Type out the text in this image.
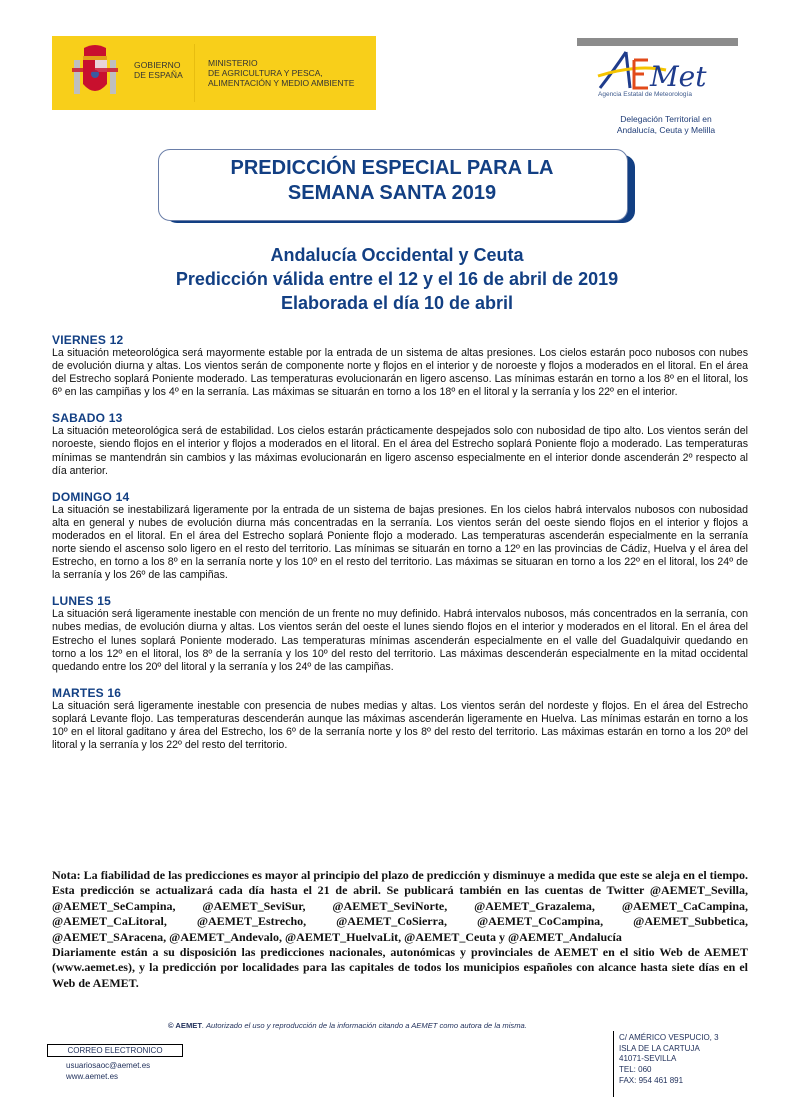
GOBIERNO
DE ESPAÑA
MINISTERIO
DE AGRICULTURA Y PESCA,
ALIMENTACIÓN Y MEDIO AMBIENTE	Met
Agencia Estatal de Meteorología
Delegación Territorial en
Andalucía, Ceuta y Melilla
PREDICCIÓN ESPECIAL PARA LA
SEMANA SANTA 2019
Andalucía Occidental y Ceuta
Predicción válida entre el 12 y el 16 de abril de 2019
Elaborada el día 10 de abril
VIERNES 12
La situación meteorológica será mayormente estable por la entrada de un sistema de altas presiones. Los cielos estarán poco nubosos con nubes de evolución diurna y altas. Los vientos serán de componente norte y flojos en el interior y de noroeste y flojos a moderados en el litoral. En el área del Estrecho soplará Poniente moderado. Las temperaturas evolucionarán en ligero ascenso. Las mínimas estarán en torno a los 8º en el litoral, los 6º en las campiñas y los 4º en la serranía. Las máximas se situarán en torno a los 18º en el litoral y la serranía y los 22º en el interior.
SABADO 13
La situación meteorológica será de estabilidad. Los cielos estarán prácticamente despejados solo con nubosidad de tipo alto. Los vientos serán del noroeste, siendo flojos en el interior y flojos a moderados en el litoral. En el área del Estrecho soplará Poniente flojo a moderado. Las temperaturas mínimas se mantendrán sin cambios y las máximas evolucionarán en ligero ascenso especialmente en el interior donde ascenderán 2º respecto al día anterior.
DOMINGO 14
La situación se inestabilizará ligeramente por la entrada de un sistema de bajas presiones. En los cielos habrá intervalos nubosos con nubosidad alta en general y nubes de evolución diurna más concentradas en la serranía. Los vientos serán del oeste siendo flojos en el interior y flojos a moderados en el litoral. En el área del Estrecho soplará Poniente flojo a moderado. Las temperaturas ascenderán especialmente en la serranía norte siendo el ascenso solo ligero en el resto del territorio. Las mínimas se situarán en torno a 12º en las provincias de Cádiz, Huelva y el área del Estrecho, en torno a los 8º en la serranía norte y los 10º en el resto del territorio. Las máximas se situaran en torno a los 22º en el litoral, los 24º de la serranía y los 26º de las campiñas.
LUNES 15
La situación será ligeramente inestable con mención de un frente no muy definido. Habrá intervalos nubosos, más concentrados en la serranía, con nubes medias, de evolución diurna y altas. Los vientos serán del oeste el lunes siendo flojos en el interior y moderados en el litoral. En el área del Estrecho el lunes soplará Poniente moderado. Las temperaturas mínimas ascenderán especialmente en el valle del Guadalquivir quedando en torno a los 12º en el litoral, los 8º de la serranía y los 10º del resto del territorio. Las máximas descenderán especialmente en la mitad occidental quedando entre los 20º del litoral y la serranía y los 24º de las campiñas.
MARTES 16
La situación será ligeramente inestable con presencia de nubes medias y altas. Los vientos serán del nordeste y flojos. En el área del Estrecho soplará Levante flojo. Las temperaturas descenderán aunque las máximas ascenderán ligeramente en Huelva. Las mínimas estarán en torno a los 10º en el litoral gaditano y área del Estrecho, los 6º de la serranía norte y los 8º del resto del territorio. Las máximas estarán en torno a los 20º del litoral y la serranía y los 22º del resto del territorio.
Nota: La fiabilidad de las predicciones es mayor al principio del plazo de predicción y disminuye a medida que este se aleja en el tiempo. Esta predicción se actualizará cada día hasta el 21 de abril. Se publicará también en las cuentas de Twitter @AEMET_Sevilla, @AEMET_SeCampina, @AEMET_SeviSur, @AEMET_SeviNorte, @AEMET_Grazalema, @AEMET_CaCampina, @AEMET_CaLitoral, @AEMET_Estrecho, @AEMET_CoSierra, @AEMET_CoCampina, @AEMET_Subbetica, @AEMET_SAracena, @AEMET_Andevalo, @AEMET_HuelvaLit, @AEMET_Ceuta y @AEMET_Andalucía
Diariamente están a su disposición las predicciones nacionales, autonómicas y provinciales de AEMET en el sitio Web de AEMET (www.aemet.es), y la predicción por localidades para las capitales de todos los municipios españoles con alcance hasta siete días en el Web de AEMET.
© AEMET. Autorizado el uso y reproducción de la información citando a AEMET como autora de la misma.
CORREO ELECTRONICO
usuariosaoc@aemet.es
www.aemet.es
C/ AMÉRICO VESPUCIO, 3
ISLA DE LA CARTUJA
41071-SEVILLA
TEL: 060
FAX: 954 461 891
